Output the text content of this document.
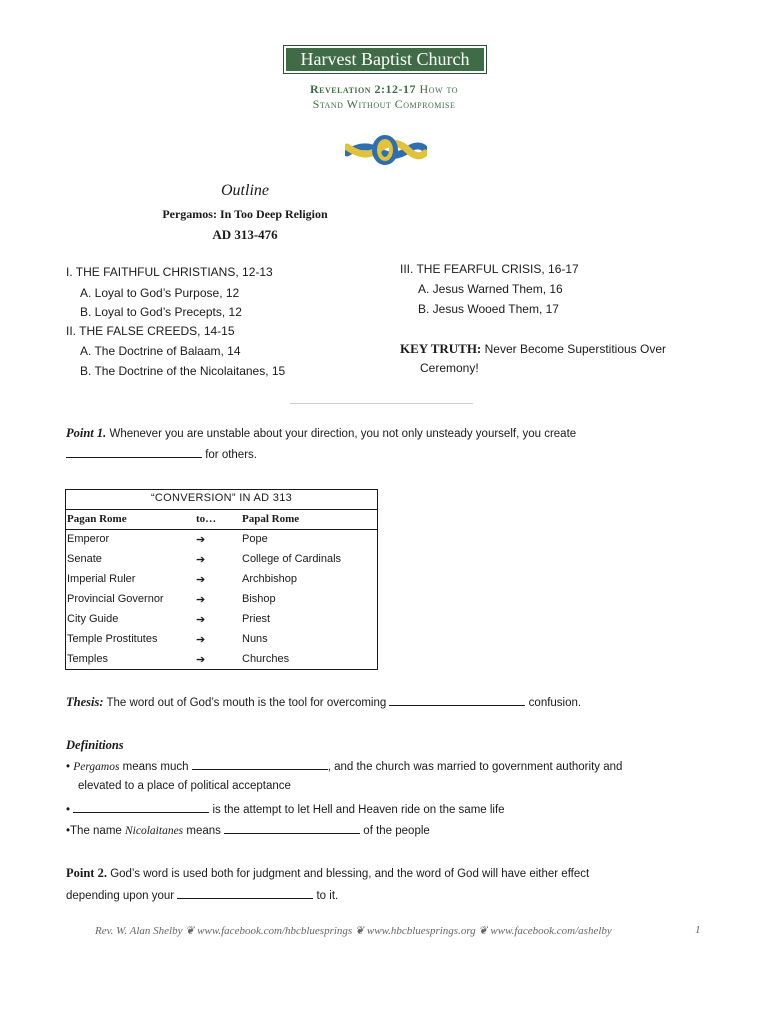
Harvest Baptist Church
Revelation 2:12-17 How to
Stand Without Compromise
Outline
Pergamos: In Too Deep Religion
AD 313-476
I. THE FAITHFUL CHRISTIANS, 12-13
A. Loyal to God’s Purpose, 12
B. Loyal to God’s Precepts, 12
II. THE FALSE CREEDS, 14-15
A. The Doctrine of Balaam, 14
B. The Doctrine of the Nicolaitanes, 15
III. THE FEARFUL CRISIS, 16-17
A. Jesus Warned Them, 16
B. Jesus Wooed Them, 17
KEY TRUTH: Never Become Superstitious Over
Ceremony!
Point 1. Whenever you are unstable about your direction, you not only unsteady yourself, you create
for others.
“CONVERSION” IN AD 313
Pagan Rome	to… Papal Rome
Emperor	➔	Pope
Senate	➔	College of Cardinals
Imperial Ruler	➔	Archbishop
Provincial Governor	➔	Bishop
City Guide	➔	Priest
Temple Prostitutes	➔	Nuns
Temples	➔	Churches
Thesis: The word out of God’s mouth is the tool for overcoming	confusion.
Definitions
• Pergamos means much	, and the church was married to government authority and
elevated to a place of political acceptance
•	is the attempt to let Hell and Heaven ride on the same life
•The name Nicolaitanes means	of the people
Point 2. God’s word is used both for judgment and blessing, and the word of God will have either effect
depending upon your	to it.
Rev. W. Alan Shelby ❦ www.facebook.com/hbcbluesprings ❦ www.hbcbluesprings.org ❦ www.facebook.com/ashelby	1
